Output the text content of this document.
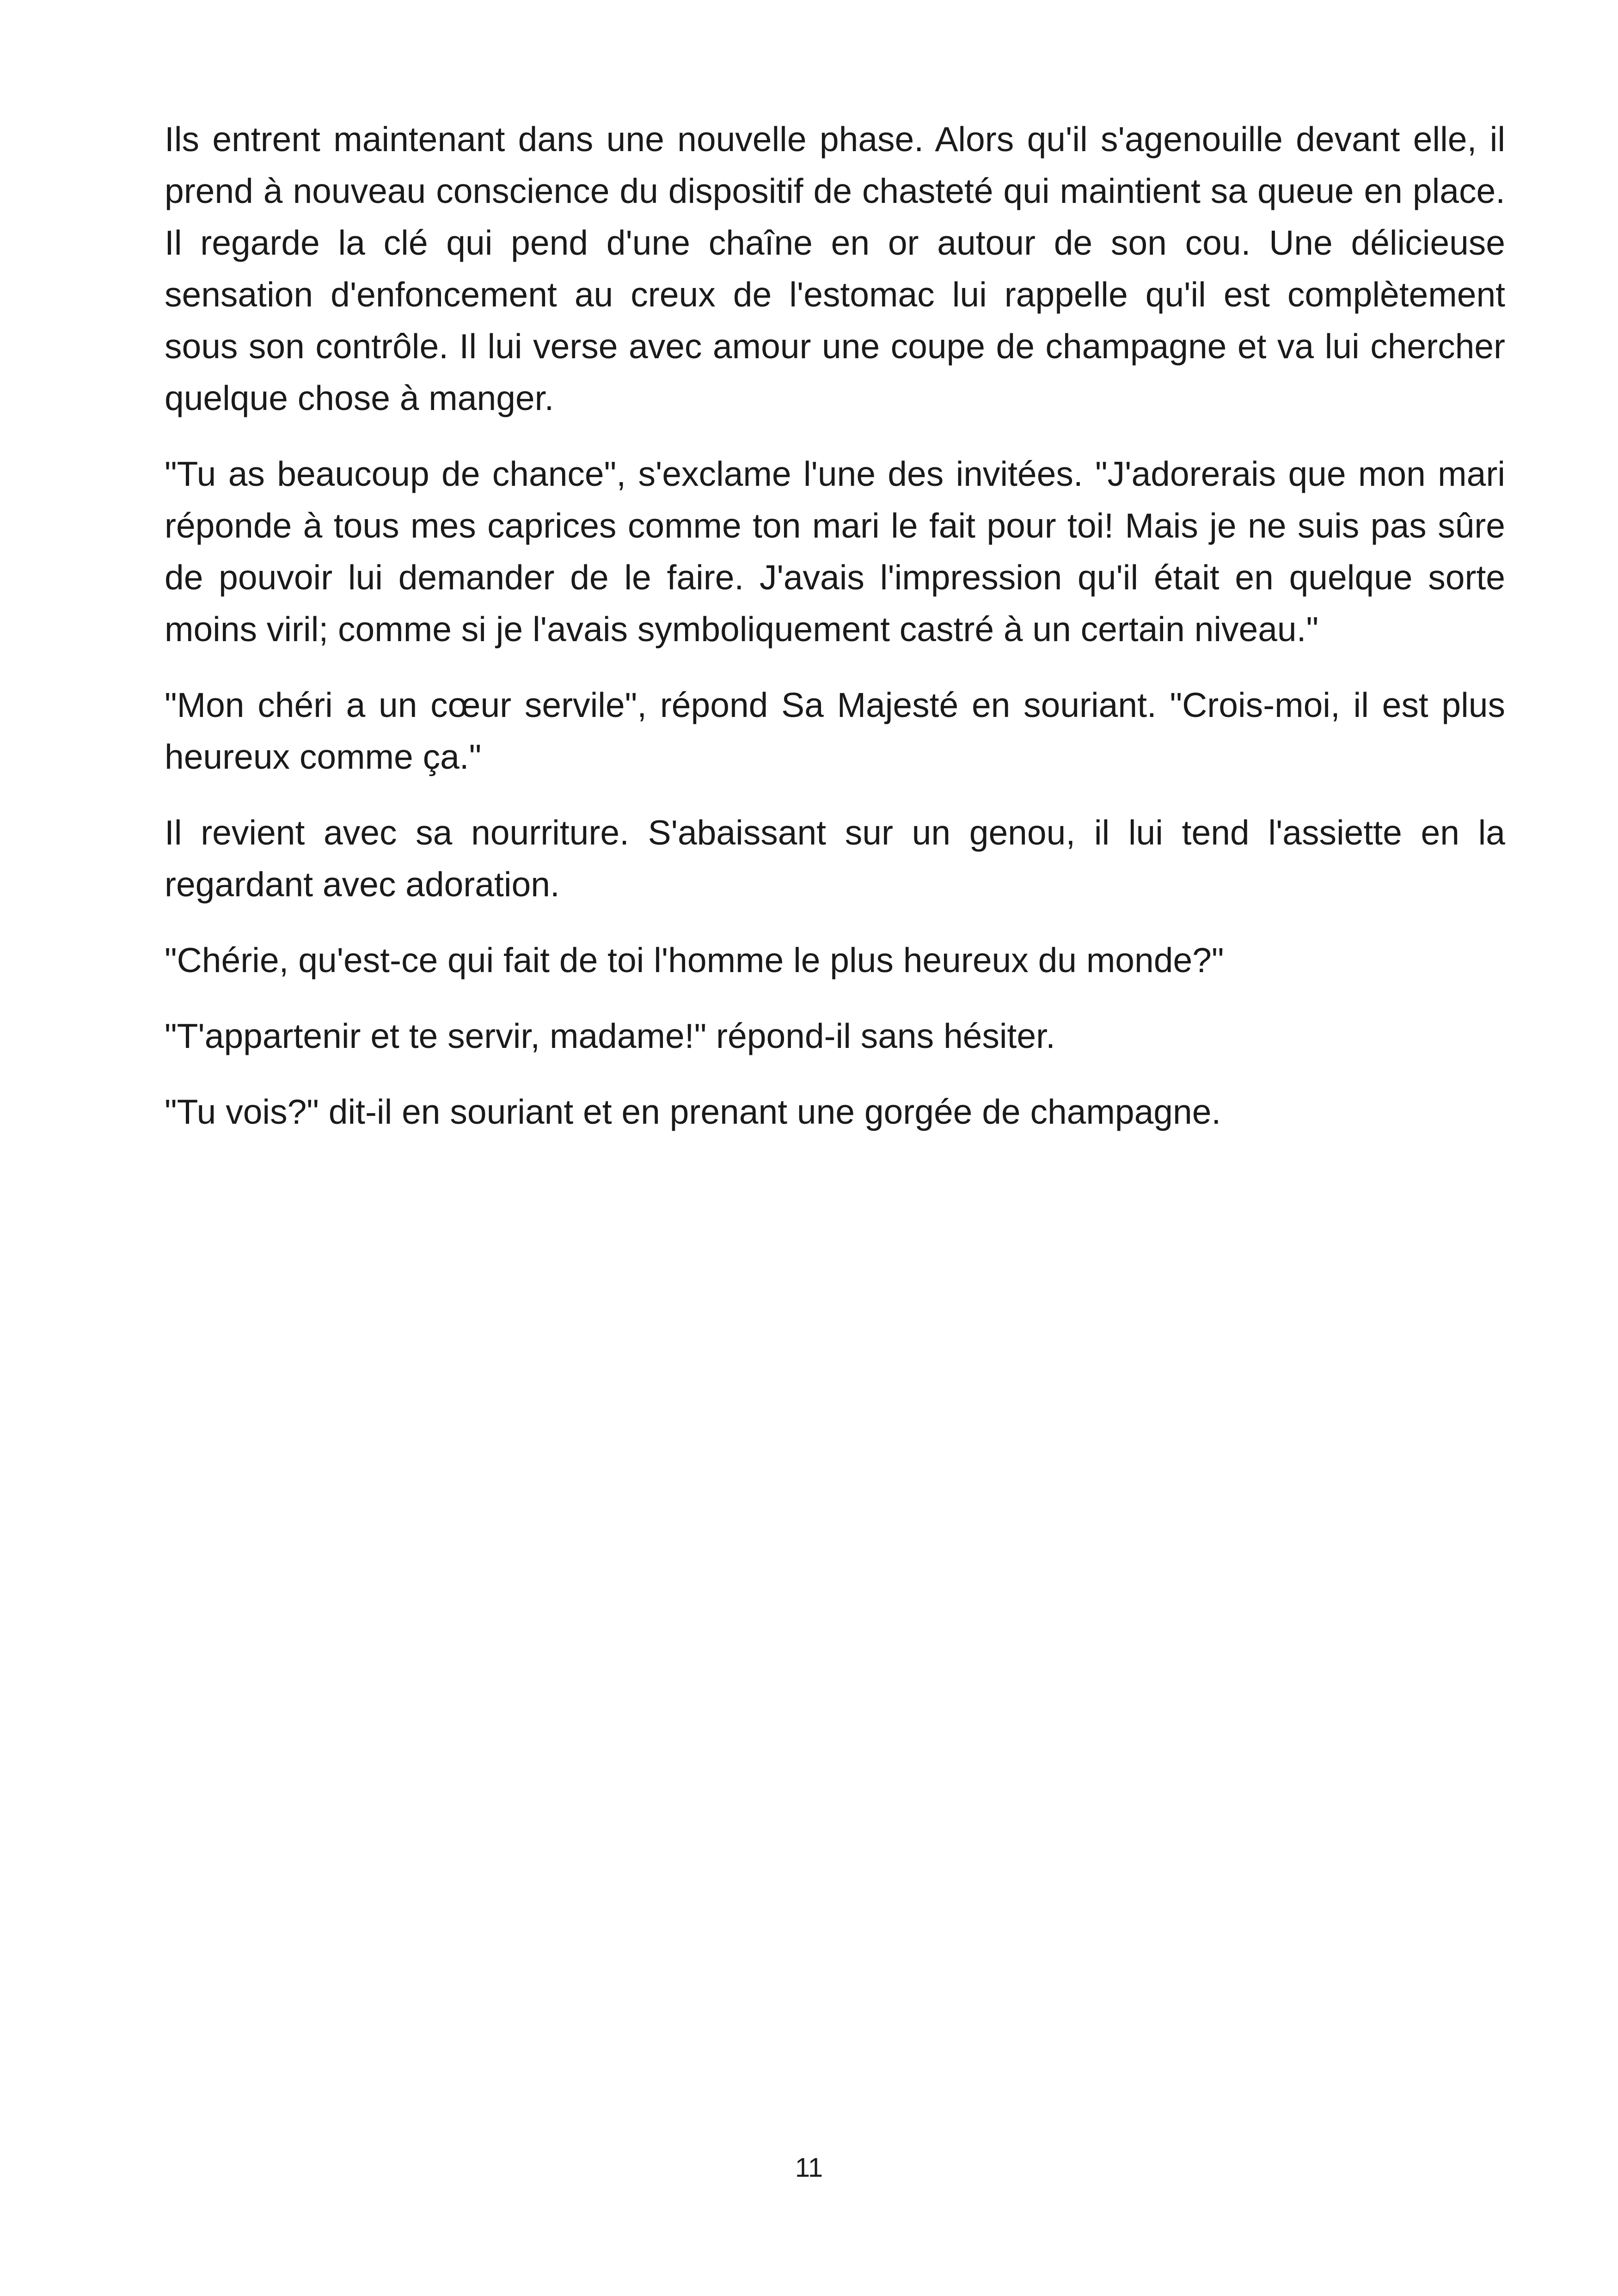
Ils entrent maintenant dans une nouvelle phase. Alors qu'il s'agenouille devant elle, il prend à nouveau conscience du dispositif de chasteté qui maintient sa queue en place. Il regarde la clé qui pend d'une chaîne en or autour de son cou. Une délicieuse sensation d'enfoncement au creux de l'estomac lui rappelle qu'il est complètement sous son contrôle. Il lui verse avec amour une coupe de champagne et va lui chercher quelque chose à manger.

"Tu as beaucoup de chance", s'exclame l'une des invitées. "J'adorerais que mon mari réponde à tous mes caprices comme ton mari le fait pour toi! Mais je ne suis pas sûre de pouvoir lui demander de le faire. J'avais l'impression qu'il était en quelque sorte moins viril; comme si je l'avais symboliquement castré à un certain niveau."

"Mon chéri a un cœur servile", répond Sa Majesté en souriant. "Crois-moi, il est plus heureux comme ça."

Il revient avec sa nourriture. S'abaissant sur un genou, il lui tend l'assiette en la regardant avec adoration.

"Chérie, qu'est-ce qui fait de toi l'homme le plus heureux du monde?"

"T'appartenir et te servir, madame!" répond-il sans hésiter.

"Tu vois?" dit-il en souriant et en prenant une gorgée de champagne.

11
